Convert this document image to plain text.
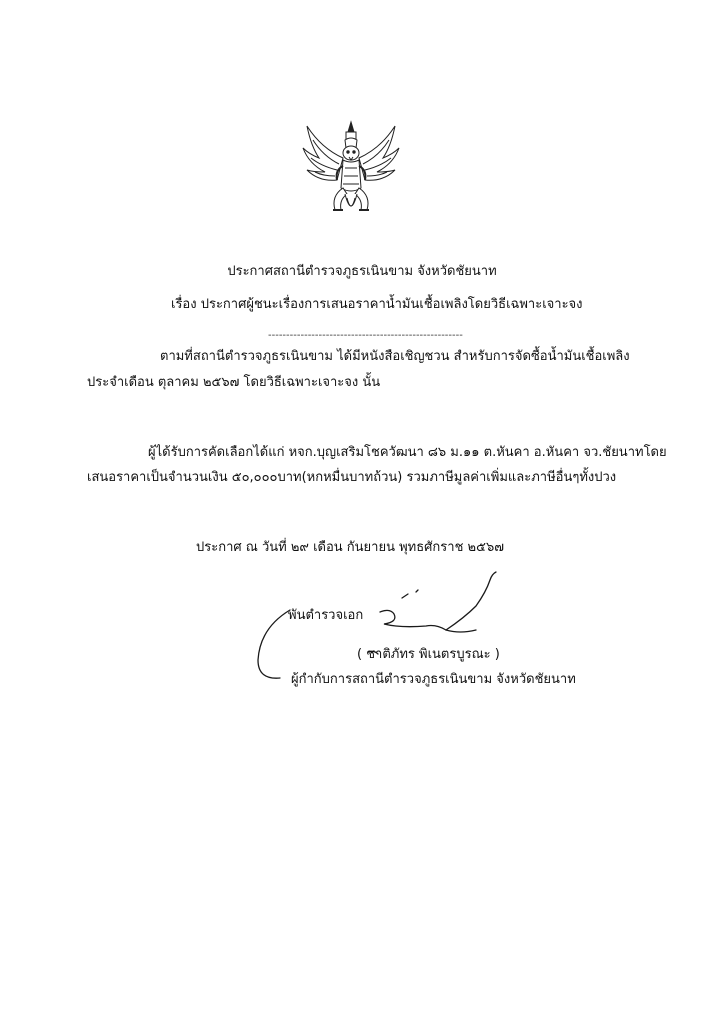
ประกาศสถานีตำรวจภูธรเนินขาม จังหวัดชัยนาท
เรื่อง ประกาศผู้ชนะเรื่องการเสนอราคาน้ำมันเชื้อเพลิงโดยวิธีเฉพาะเจาะจง
------------------------------------------------------
ตามที่สถานีตำรวจภูธรเนินขาม ได้มีหนังสือเชิญชวน สำหรับการจัดซื้อน้ำมันเชื้อเพลิง
ประจำเดือน ตุลาคม ๒๕๖๗ โดยวิธีเฉพาะเจาะจง นั้น
ผู้ได้รับการคัดเลือกได้แก่ หจก.บุญเสริมโชควัฒนา ๘๖ ม.๑๑ ต.หันคา อ.หันคา จว.ชัยนาทโดย
เสนอราคาเป็นจำนวนเงิน ๕๐,๐๐๐บาท(หกหมื่นบาทถ้วน) รวมภาษีมูลค่าเพิ่มและภาษีอื่นๆทั้งปวง
ประกาศ ณ วันที่ ๒๙ เดือน กันยายน พุทธศักราช ๒๕๖๗
พันตำรวจเอก
( ชาติภัทร พิเนตรบูรณะ )
ผู้กำกับการสถานีตำรวจภูธรเนินขาม จังหวัดชัยนาท
